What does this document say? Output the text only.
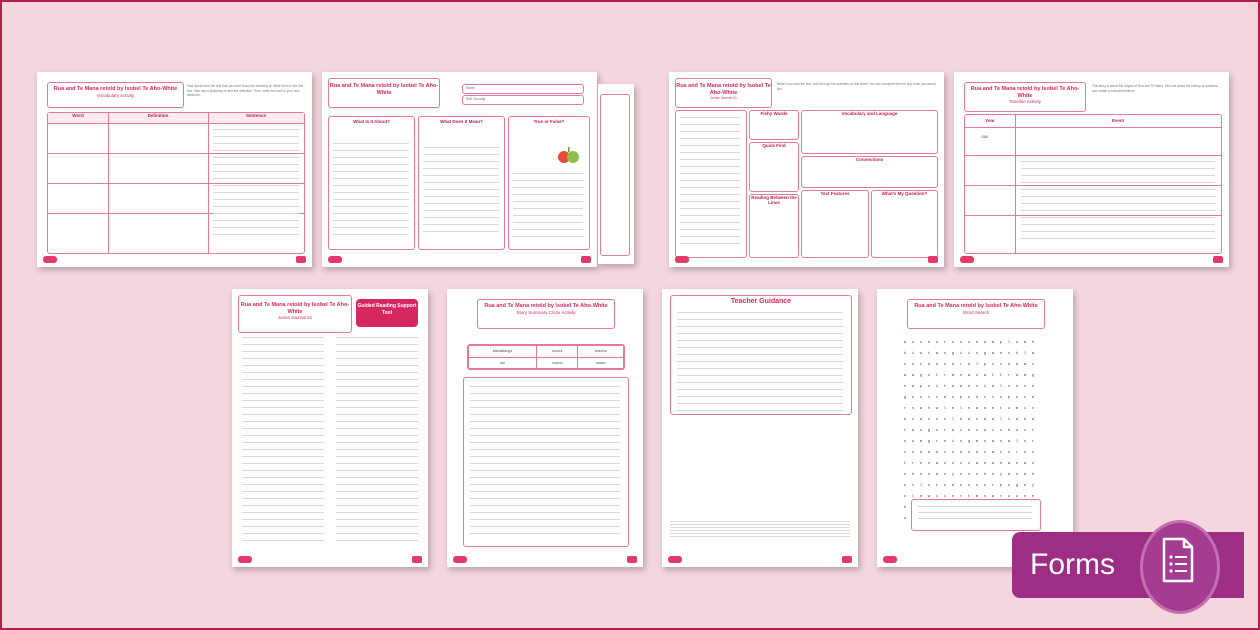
Rua and Te Mana retold by Isobel Te Aho-White
Vocabulary Activity
Find words from the text that you don't know the meaning of. Write them in the first box, then use a dictionary to find the definition. Then, write the word in your own sentence.
Word	Definition	Sentence
Rua and Te Mana retold by Isobel Te Aho-White
Name:
Wiki Oturangi
What Is It About?	What Does It Mean?	True or False?
Rua and Te Mana retold by Isobel Te Aho-White
Junior Journal 61
Before you read the text, look through the activities on this sheet. You can complete them in any order you would like.
Fishy Words
Quick Find
Reading Between the Lines
Vocabulary and Language
Connections
Text Features	What's My Question?
Rua and Te Mana retold by Isobel Te Aho-White
Timeline Activity
This story is about the origins of Rua and Te Mana. Find out about the history of Aotearoa and create a colourful timeline.
Year	Event
1300
Rua and Te Mana retold by Isobel Te Aho-White
Junior Journal 61
Guided Reading Support Tool
Rua and Te Mana retold by Isobel Te Aho-White
Story Summary Cloze Activity
kaitiakitanga	kanohi	taniwha
ahi	moana	matau
Teacher Guidance
Rua and Te Mana retold by Isobel Te Aho-White
Word Search
a s c e u r o n s e a m p l o m h
k i w t a n g i i n g a e c h l a
c o t a e s b r a l p i z d b m v
a a g o t r m n a s a t t r a m g
n w p o i t a w e s i a l v n v e
g o s i v a n p u d v i n p o c e
r s a h w l e l n a o e t u m i c
e x a z z s l b a n a w l i a b a
t a n g o r a i e c w i c b d v t
o u m g r e i n g m o a n a l n r
v s a a w x n b o a s m t n r o c
t r e n a u u i i a e w h a e a u
o h n n a c y o u o h n y a n a h
u i l n t o a o n s u r p o g e y
c l e w i i o r t m s a r u u o e
h
u
Forms
